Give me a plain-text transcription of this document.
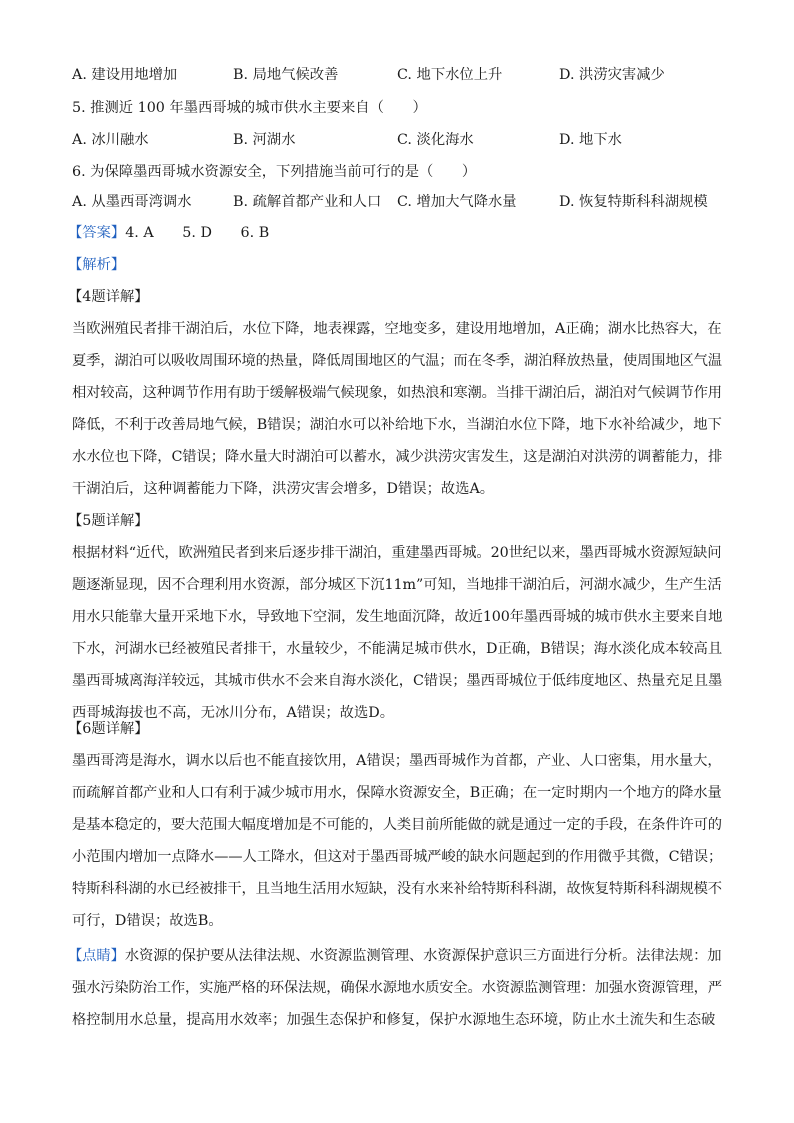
A. 建设用地增加	B. 局地气候改善	C. 地下水位上升	D. 洪涝灾害减少
5. 推测近 100 年墨西哥城的城市供水主要来自（　　）
A. 冰川融水	B. 河湖水	C. 淡化海水	D. 地下水
6. 为保障墨西哥城水资源安全，下列措施当前可行的是（　　）
A. 从墨西哥湾调水	B. 疏解首都产业和人口 C. 增加大气降水量	D. 恢复特斯科科湖规模
【答案】4. A　　5. D　　6. B
【解析】
【4题详解】
当欧洲殖民者排干湖泊后，水位下降，地表裸露，空地变多，建设用地增加，A正确；湖水比热容大，在
夏季，湖泊可以吸收周围环境的热量，降低周围地区的气温；而在冬季，湖泊释放热量，使周围地区气温
相对较高，这种调节作用有助于缓解极端气候现象，如热浪和寒潮。当排干湖泊后，湖泊对气候调节作用
降低，不利于改善局地气候，B错误；湖泊水可以补给地下水，当湖泊水位下降，地下水补给减少，地下
水水位也下降，C错误；降水量大时湖泊可以蓄水，减少洪涝灾害发生，这是湖泊对洪涝的调蓄能力，排
干湖泊后，这种调蓄能力下降，洪涝灾害会增多，D错误；故选A。
【5题详解】
根据材料“近代，欧洲殖民者到来后逐步排干湖泊，重建墨西哥城。20世纪以来，墨西哥城水资源短缺问
题逐渐显现，因不合理利用水资源，部分城区下沉11m”可知，当地排干湖泊后，河湖水减少，生产生活
用水只能靠大量开采地下水，导致地下空洞，发生地面沉降，故近100年墨西哥城的城市供水主要来自地
下水，河湖水已经被殖民者排干，水量较少，不能满足城市供水，D正确，B错误；海水淡化成本较高且
墨西哥城离海洋较远，其城市供水不会来自海水淡化，C错误；墨西哥城位于低纬度地区、热量充足且墨
西哥城海拔也不高，无冰川分布，A错误；故选D。
【6题详解】
墨西哥湾是海水，调水以后也不能直接饮用，A错误；墨西哥城作为首都，产业、人口密集，用水量大，
而疏解首都产业和人口有利于减少城市用水，保障水资源安全，B正确；在一定时期内一个地方的降水量
是基本稳定的，要大范围大幅度增加是不可能的，人类目前所能做的就是通过一定的手段，在条件许可的
小范围内增加一点降水——人工降水，但这对于墨西哥城严峻的缺水问题起到的作用微乎其微，C错误；
特斯科科湖的水已经被排干，且当地生活用水短缺，没有水来补给特斯科科湖，故恢复特斯科科湖规模不
可行，D错误；故选B。
【点睛】水资源的保护要从法律法规、水资源监测管理、水资源保护意识三方面进行分析。法律法规：加
强水污染防治工作，实施严格的环保法规，确保水源地水质安全。水资源监测管理：加强水资源管理，严
格控制用水总量，提高用水效率；加强生态保护和修复，保护水源地生态环境，防止水土流失和生态破
